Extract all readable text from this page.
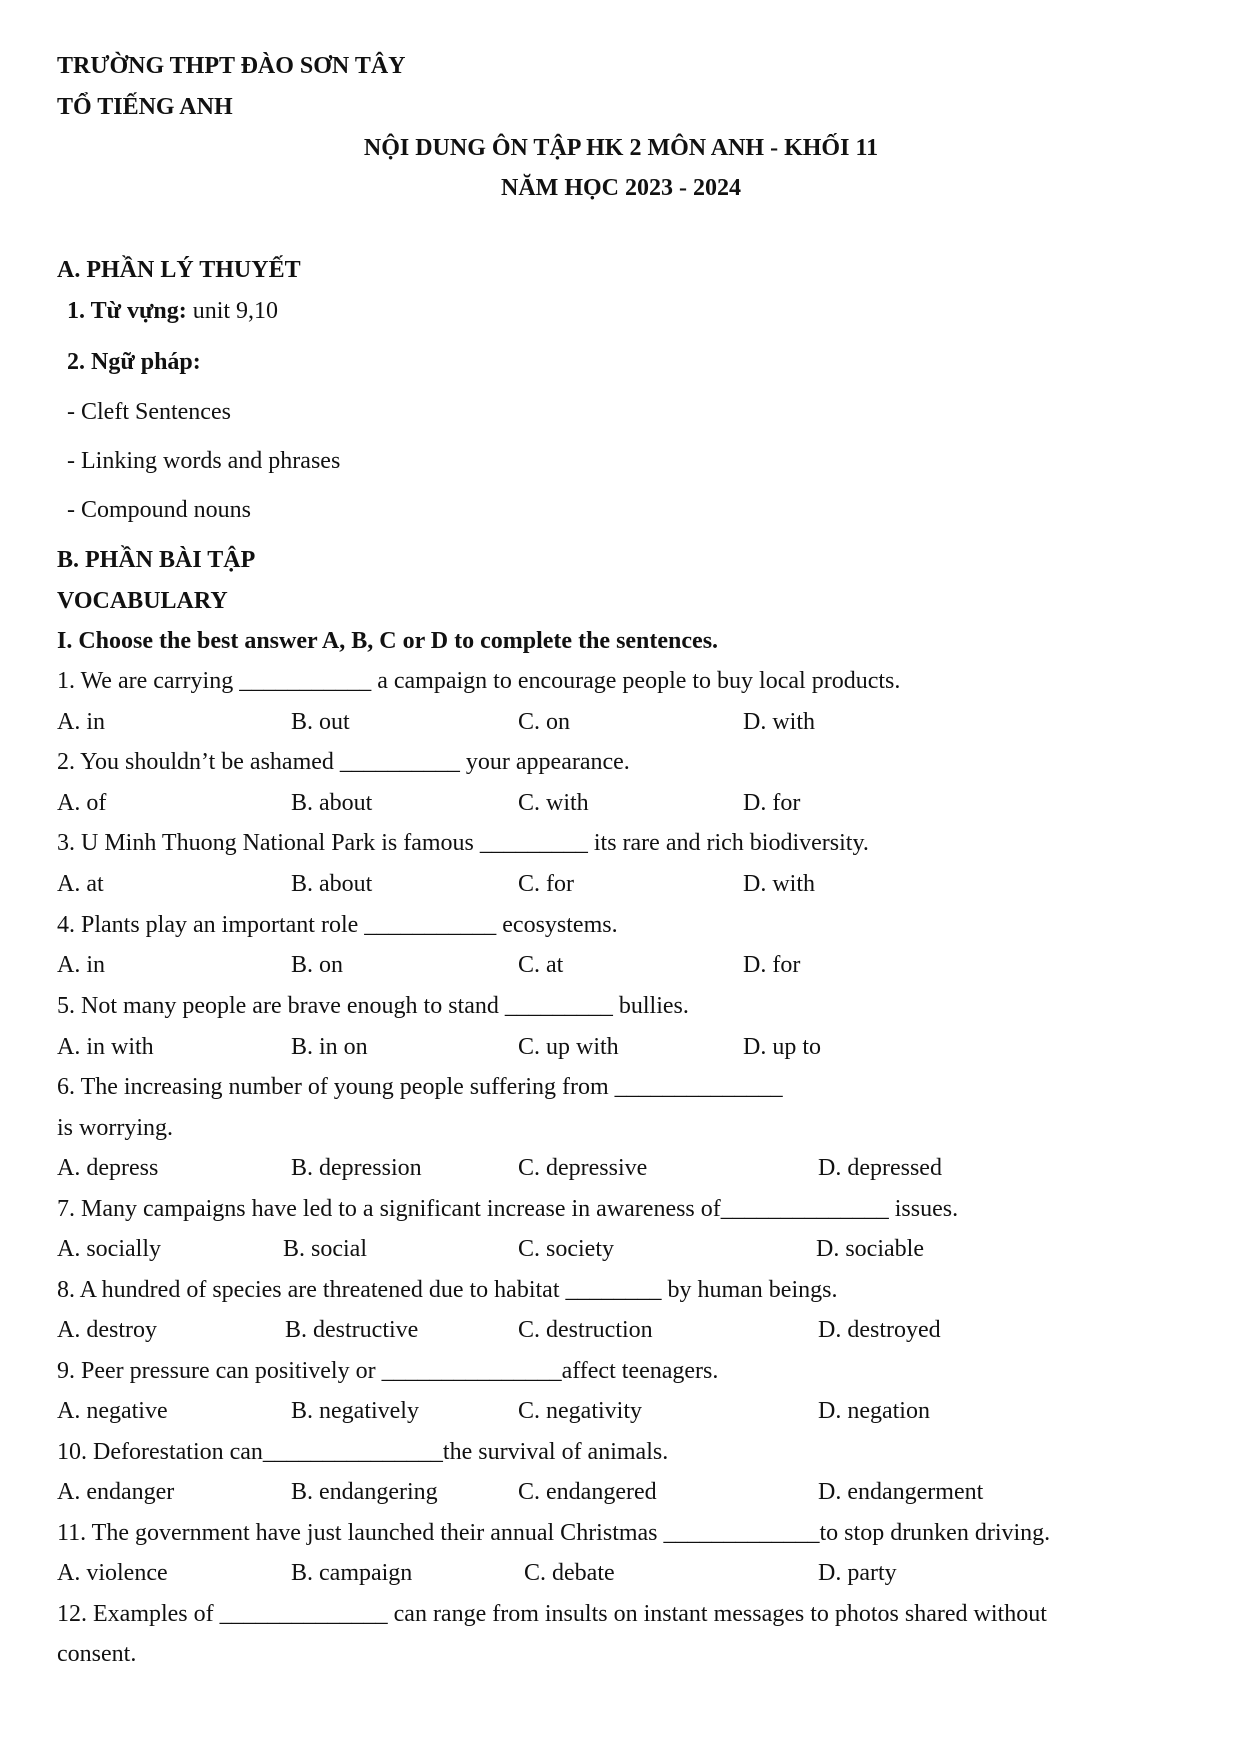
TRƯỜNG THPT ĐÀO SƠN TÂY
TỔ TIẾNG ANH
NỘI DUNG ÔN TẬP HK 2 MÔN ANH - KHỐI 11
NĂM HỌC 2023 - 2024
A. PHẦN LÝ THUYẾT
1. Từ vựng: unit 9,10
2. Ngữ pháp:
- Cleft Sentences
- Linking words and phrases
- Compound nouns
B. PHẦN BÀI TẬP
VOCABULARY
I. Choose the best answer A, B, C or D to complete the sentences.
1. We are carrying ___________ a campaign to encourage people to buy local products.
A. in	B. out	C. on	D. with
2. You shouldn’t be ashamed __________ your appearance.
A. of	B. about	C. with	D. for
3. U Minh Thuong National Park is famous _________ its rare and rich biodiversity.
A. at	B. about	C. for	D. with
4. Plants play an important role ___________ ecosystems.
A. in	B. on	C. at	D. for
5. Not many people are brave enough to stand _________ bullies.
A. in with	B. in on	C. up with	D. up to
6. The increasing number of young people suffering from ______________
is worrying.
A. depress	B. depression	C. depressive	D. depressed
7. Many campaigns have led to a significant increase in awareness of______________ issues.
A. socially	B. social	C. society	D. sociable
8. A hundred of species are threatened due to habitat ________ by human beings.
A. destroy	B. destructive	C. destruction	D. destroyed
9. Peer pressure can positively or _______________affect teenagers.
A. negative	B. negatively	C. negativity	D. negation
10. Deforestation can_______________the survival of animals.
A. endanger	B. endangering	C. endangered	D. endangerment
11. The government have just launched their annual Christmas _____________to stop drunken driving.
A. violence	B. campaign	C. debate	D. party
12. Examples of ______________ can range from insults on instant messages to photos shared without
consent.
